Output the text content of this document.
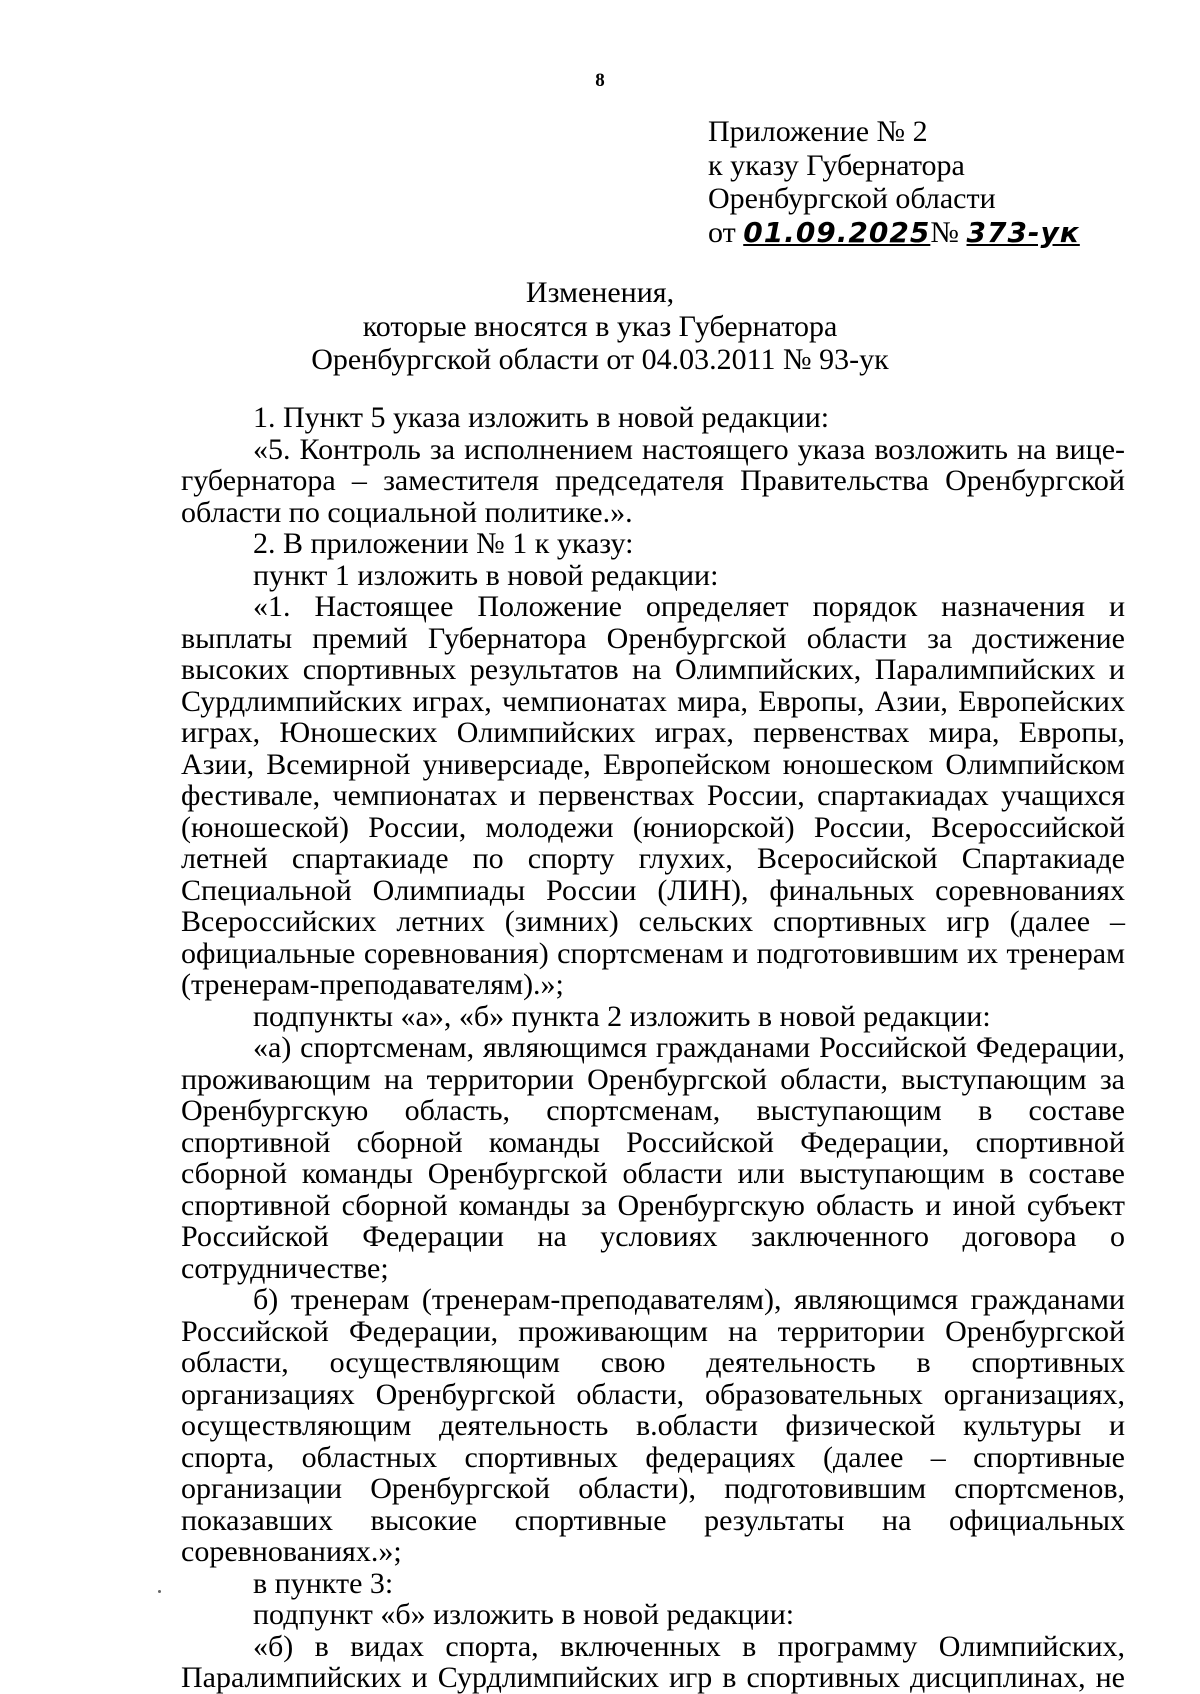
8
Приложение № 2
к указу Губернатора
Оренбургской области
от 01.09.2025№ 373-ук
Изменения,
которые вносятся в указ Губернатора
Оренбургской области от 04.03.2011 № 93-ук

1. Пункт 5 указа изложить в новой редакции:

«5. Контроль за исполнением настоящего указа возложить на вице-губернатора – заместителя председателя Правительства Оренбургской области по социальной политике.».

2. В приложении № 1 к указу:

пункт 1 изложить в новой редакции:

«1. Настоящее Положение определяет порядок назначения и выплаты премий Губернатора Оренбургской области за достижение высоких спортивных результатов на Олимпийских, Паралимпийских и Сурдлимпийских играх, чемпионатах мира, Европы, Азии, Европейских играх, Юношеских Олимпийских играх, первенствах мира, Европы, Азии, Всемирной универсиаде, Европейском юношеском Олимпийском фестивале, чемпионатах и первенствах России, спартакиадах учащихся (юношеской) России, молодежи (юниорской) России, Всероссийской летней спартакиаде по спорту глухих, Всеросийской Спартакиаде Специальной Олимпиады России (ЛИН), финальных соревнованиях Всероссийских летних (зимних) сельских спортивных игр (далее – официальные соревнования) спортсменам и подготовившим их тренерам (тренерам-преподавателям).»;

подпункты «а», «б» пункта 2 изложить в новой редакции:

«а) спортсменам, являющимся гражданами Российской Федерации, проживающим на территории Оренбургской области, выступающим за Оренбургскую область, спортсменам, выступающим в составе спортивной сборной команды Российской Федерации, спортивной сборной команды Оренбургской области или выступающим в составе спортивной сборной команды за Оренбургскую область и иной субъект Российской Федерации на условиях заключенного договора о сотрудничестве;

б) тренерам (тренерам-преподавателям), являющимся гражданами Российской Федерации, проживающим на территории Оренбургской области, осуществляющим свою деятельность в спортивных организациях Оренбургской области, образовательных организациях, осуществляющим деятельность в.области физической культуры и спорта, областных спортивных федерациях (далее – спортивные организации Оренбургской области), подготовившим спортсменов, показавших высокие спортивные результаты на официальных соревнованиях.»;

в пункте 3:

подпункт «б» изложить в новой редакции:

«б) в видах спорта, включенных в программу Олимпийских, Паралимпийских и Сурдлимпийских игр в спортивных дисциплинах, не
